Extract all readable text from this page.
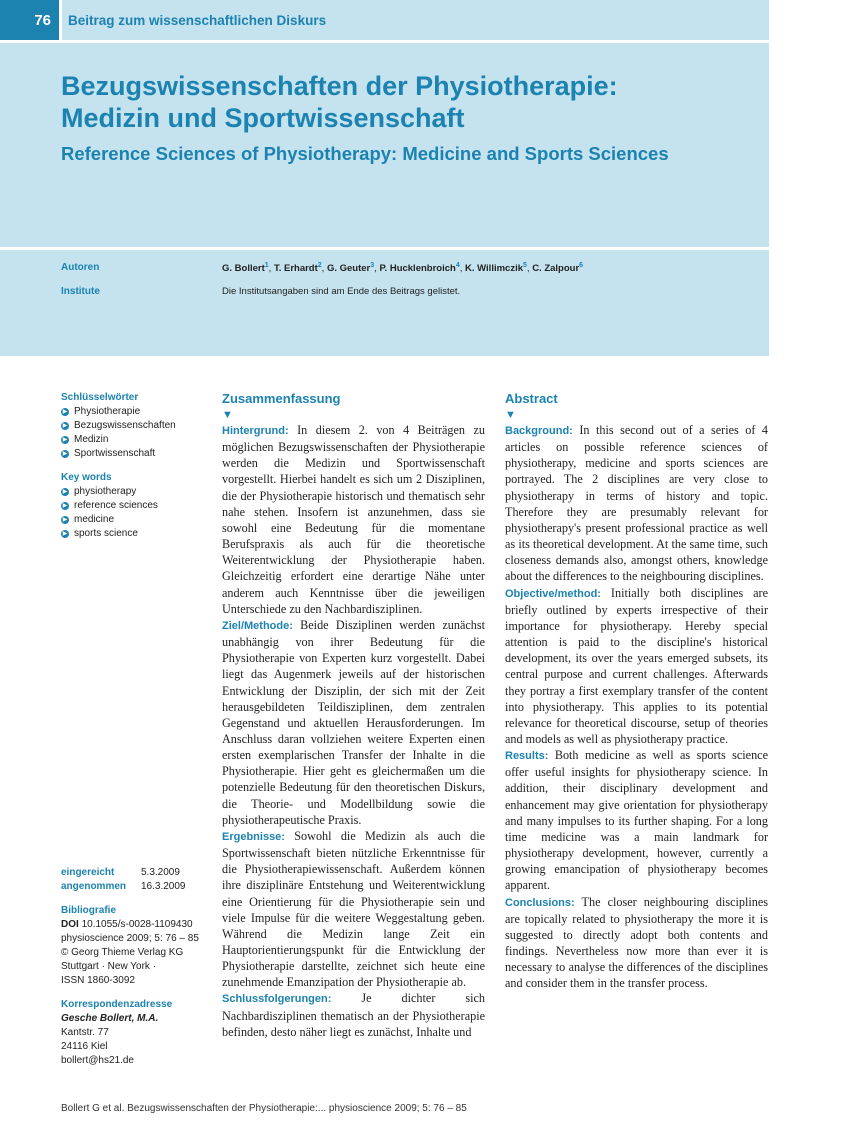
76	Beitrag zum wissenschaftlichen Diskurs
Bezugswissenschaften der Physiotherapie:
Medizin und Sportwissenschaft
Reference Sciences of Physiotherapy: Medicine and Sports Sciences
Autoren	G. Bollert$^1$, T. Erhardt$^2$, G. Geuter$^3$, P. Hucklenbroich$^4$, K. Willimczik$^5$, C. Zalpour$^6$
Institute	Die Institutsangaben sind am Ende des Beitrags gelistet.
Schlüsselwörter
▶ Physiotherapie
▶ Bezugswissenschaften
▶ Medizin
▶ Sportwissenschaft
Key words
▶ physiotherapy
▶ reference sciences
▶ medicine
▶ sports science
eingereicht	5.3.2009
angenommen	16.3.2009
Bibliografie
DOI 10.1055/s-0028-1109430
physioscience 2009; 5: 76 – 85
© Georg Thieme Verlag KG
Stuttgart · New York ·
ISSN 1860-3092
Korrespondenzadresse
Gesche Bollert, M.A.
Kantstr. 77
24116 Kiel
bollert@hs21.de
Zusammenfassung
▼

Hintergrund: In diesem 2. von 4 Beiträgen zu möglichen Bezugswissenschaften der Physiotherapie werden die Medizin und Sportwissenschaft vorgestellt. Hierbei handelt es sich um 2 Disziplinen, die der Physiotherapie historisch und thematisch sehr nahe stehen. Insofern ist anzunehmen, dass sie sowohl eine Bedeutung für die momentane Berufspraxis als auch für die theoretische Weiterentwicklung der Physiotherapie haben. Gleichzeitig erfordert eine derartige Nähe unter anderem auch Kenntnisse über die jeweiligen Unterschiede zu den Nachbardisziplinen.

Ziel/Methode: Beide Disziplinen werden zunächst unabhängig von ihrer Bedeutung für die Physiotherapie von Experten kurz vorgestellt. Dabei liegt das Augenmerk jeweils auf der historischen Entwicklung der Disziplin, der sich mit der Zeit herausgebildeten Teildisziplinen, dem zentralen Gegenstand und aktuellen Herausforderungen. Im Anschluss daran vollziehen weitere Experten einen ersten exemplarischen Transfer der Inhalte in die Physiotherapie. Hier geht es gleichermaßen um die potenzielle Bedeutung für den theoretischen Diskurs, die Theorie- und Modellbildung sowie die physiotherapeutische Praxis.

Ergebnisse: Sowohl die Medizin als auch die Sportwissenschaft bieten nützliche Erkenntnisse für die Physiotherapiewissenschaft. Außerdem können ihre disziplinäre Entstehung und Weiterentwicklung eine Orientierung für die Physiotherapie sein und viele Impulse für die weitere Weggestaltung geben. Während die Medizin lange Zeit ein Hauptorientierungspunkt für die Entwicklung der Physiotherapie darstellte, zeichnet sich heute eine zunehmende Emanzipation der Physiotherapie ab.

Schlussfolgerungen: Je dichter sich Nachbardisziplinen thematisch an der Physiotherapie befinden, desto näher liegt es zunächst, Inhalte und

Abstract
▼

Background: In this second out of a series of 4 articles on possible reference sciences of physiotherapy, medicine and sports sciences are portrayed. The 2 disciplines are very close to physiotherapy in terms of history and topic. Therefore they are presumably relevant for physiotherapy's present professional practice as well as its theoretical development. At the same time, such closeness demands also, amongst others, knowledge about the differences to the neighbouring disciplines.

Objective/method: Initially both disciplines are briefly outlined by experts irrespective of their importance for physiotherapy. Hereby special attention is paid to the discipline's historical development, its over the years emerged subsets, its central purpose and current challenges. Afterwards they portray a first exemplary transfer of the content into physiotherapy. This applies to its potential relevance for theoretical discourse, setup of theories and models as well as physiotherapy practice.

Results: Both medicine as well as sports science offer useful insights for physiotherapy science. In addition, their disciplinary development and enhancement may give orientation for physiotherapy and many impulses to its further shaping. For a long time medicine was a main landmark for physiotherapy development, however, currently a growing emancipation of physiotherapy becomes apparent.

Conclusions: The closer neighbouring disciplines are topically related to physiotherapy the more it is suggested to directly adopt both contents and findings. Nevertheless now more than ever it is necessary to analyse the differences of the disciplines and consider them in the transfer process.

Bollert G et al. Bezugswissenschaften der Physiotherapie:... physioscience 2009; 5: 76 – 85
